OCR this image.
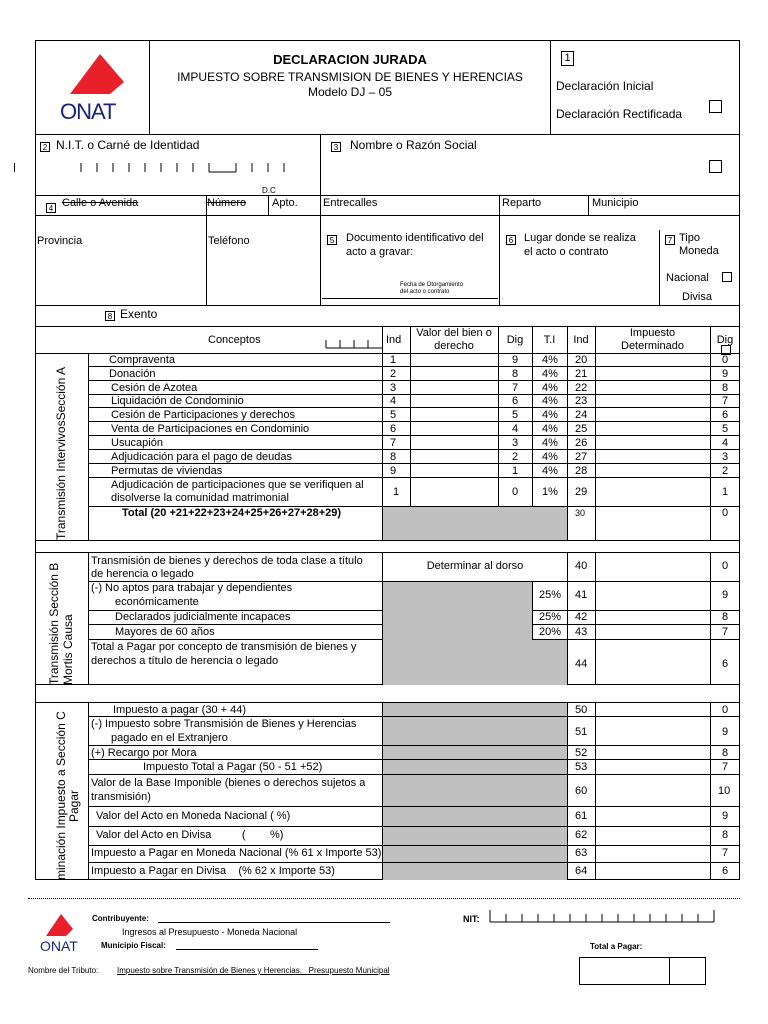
ONAT
DECLARACION JURADA
IMPUESTO SOBRE TRANSMISION DE BIENES Y HERENCIAS
Modelo DJ – 05
1
Declaración Inicial
Declaración Rectificada
2 N.I.T. o Carné de Identidad
D.C
3 Nombre o Razón Social
4 Calle o Avenida	Número Apto. Entrecalles	Reparto	Municipio
Provincia	Teléfono	5 Documento identificativo del
acto a gravar:
Fecha de Otorgamiento
del acto o contrato
6 Lugar donde se realiza
el acto o contrato
7 Tipo
Moneda
Nacional
Divisa
8 Exento
Transmisión IntervivosSección A
Conceptos	Ind
Valor del bien o
derecho	Dig	T.I	Ind
Impuesto
Determinado	Dig
Compraventa	1	9 4% 20	0
Donación	2	8 4% 21	9
Cesión de Azotea	3	7 4% 22	8
Liquidación de Condominio	4	6 4% 23	7
Cesión de Participaciones y derechos	5	5 4% 24	6
Venta de Participaciones en Condominio	6	4 4% 25	5
Usucapión	7	3 4% 26	4
Adjudicación para el pago de deudas	8	2 4% 27	3
Permutas de viviendas	9	1 4% 28	2
Adjudicación de participaciones que se verifiquen al
disolverse la comunidad matrimonial	1	0 1% 29	1
Total (20 +21+22+23+24+25+26+27+28+29)	30	0
Transmisión Sección B Mortis Causa
Transmisión de bienes y derechos de toda clase a título
de herencia o legado
Determinar al dorso	40	0
(-) No aptos para trabajar y dependientes
económicamente
25% 41	9
Declarados judicialmente incapaces	25% 42	8
Mayores de 60 años	20% 43	7
Total a Pagar por concepto de transmisión de bienes y
derechos a título de herencia o legado	44	6
minación Impuesto a Sección C Pagar
Impuesto a pagar (30 + 44)	50	0
(-) Impuesto sobre Transmisión de Bienes y Herencias
pagado en el Extranjero	51	9
(+) Recargo por Mora	52	8
Impuesto Total a Pagar (50 - 51 +52)	53	7
Valor de la Base Imponible (bienes o derechos sujetos a
transmisión)	60	10
Valor del Acto en Moneda Nacional ( %)	61	9
Valor del Acto en Divisa          (        %)	62	8
Impuesto a Pagar en Moneda Nacional (% 61 x Importe 53)	63	7
Impuesto a Pagar en Divisa    (% 62 x Importe 53)	64	6
ONAT
Contribuyente:
Ingresos al Presupuesto - Moneda Nacional
Municipio Fiscal:
NIT:
Total a Pagar:
Nombre del Tributo: Impuesto sobre Transmisión de Bienes y Herencias.   Presupuesto Municipal
